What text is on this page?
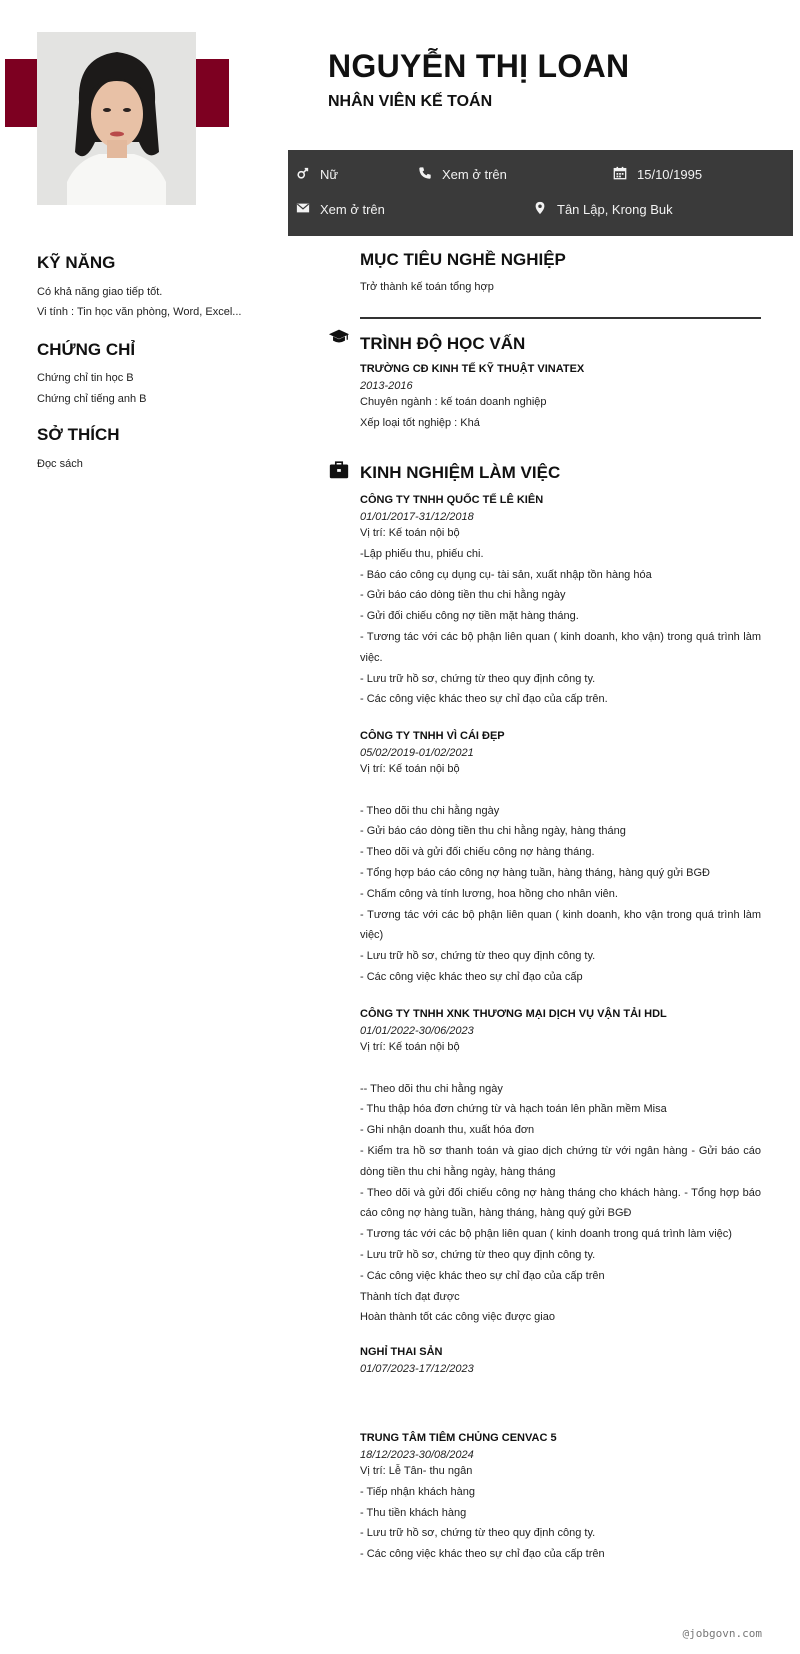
NGUYỄN THỊ LOAN
NHÂN VIÊN KẾ TOÁN
Nữ	Xem ở trên	15/10/1995
Xem ở trên	Tân Lập, Krong Buk
KỸ NĂNG
Có khả năng giao tiếp tốt.
Vi tính : Tin học văn phòng, Word, Excel...
CHỨNG CHỈ
Chứng chỉ tin học B
Chứng chỉ tiếng anh B
SỞ THÍCH
Đọc sách
MỤC TIÊU NGHỀ NGHIỆP
Trở thành kế toán tổng hợp
TRÌNH ĐỘ HỌC VẤN
TRƯỜNG CĐ KINH TẾ KỸ THUẬT VINATEX
2013-2016
Chuyên ngành : kế toán doanh nghiệp
Xếp loại tốt nghiệp : Khá
KINH NGHIỆM LÀM VIỆC
CÔNG TY TNHH QUỐC TẾ LÊ KIÊN
01/01/2017-31/12/2018
Vị trí: Kế toán nội bộ
-Lập phiếu thu, phiếu chi.
- Báo cáo công cụ dụng cụ- tài sản, xuất nhập tồn hàng hóa
- Gửi báo cáo dòng tiền thu chi hằng ngày
- Gửi đối chiếu công nợ tiền mặt hàng tháng.
- Tương tác với các bộ phận liên quan ( kinh doanh, kho vận) trong quá trình làm việc.
- Lưu trữ hồ sơ, chứng từ theo quy định công ty.
- Các công việc khác theo sự chỉ đạo của cấp trên.
CÔNG TY TNHH VÌ CÁI ĐẸP
05/02/2019-01/02/2021
Vị trí: Kế toán nội bộ
- Theo dõi thu chi hằng ngày
- Gửi báo cáo dòng tiền thu chi hằng ngày, hàng tháng
- Theo dõi và gửi đối chiếu công nợ hàng tháng.
- Tổng hợp báo cáo công nợ hàng tuần, hàng tháng, hàng quý gửi BGĐ
- Chấm công và tính lương, hoa hồng cho nhân viên.
- Tương tác với các bộ phận liên quan ( kinh doanh, kho vận trong quá trình làm việc)
- Lưu trữ hồ sơ, chứng từ theo quy định công ty.
- Các công việc khác theo sự chỉ đạo của cấp
CÔNG TY TNHH XNK THƯƠNG MẠI DỊCH VỤ VẬN TẢI HDL
01/01/2022-30/06/2023
Vị trí: Kế toán nội bộ
-- Theo dõi thu chi hằng ngày
- Thu thập hóa đơn chứng từ và hạch toán lên phần mềm Misa
- Ghi nhận doanh thu, xuất hóa đơn
- Kiểm tra hồ sơ thanh toán và giao dịch chứng từ với ngân hàng - Gửi báo cáo dòng tiền thu chi hằng ngày, hàng tháng
- Theo dõi và gửi đối chiếu công nợ hàng tháng cho khách hàng. - Tổng hợp báo cáo công nợ hàng tuần, hàng tháng, hàng quý gửi BGĐ
- Tương tác với các bộ phận liên quan ( kinh doanh trong quá trình làm việc)
- Lưu trữ hồ sơ, chứng từ theo quy định công ty.
- Các công việc khác theo sự chỉ đạo của cấp trên
Thành tích đạt được
Hoàn thành tốt các công việc được giao
NGHỈ THAI SẢN
01/07/2023-17/12/2023
TRUNG TÂM TIÊM CHỦNG CENVAC 5
18/12/2023-30/08/2024
Vị trí: Lễ Tân- thu ngân
- Tiếp nhận khách hàng
- Thu tiền khách hàng
- Lưu trữ hồ sơ, chứng từ theo quy định công ty.
- Các công việc khác theo sự chỉ đạo của cấp trên
@jobgovn.com
